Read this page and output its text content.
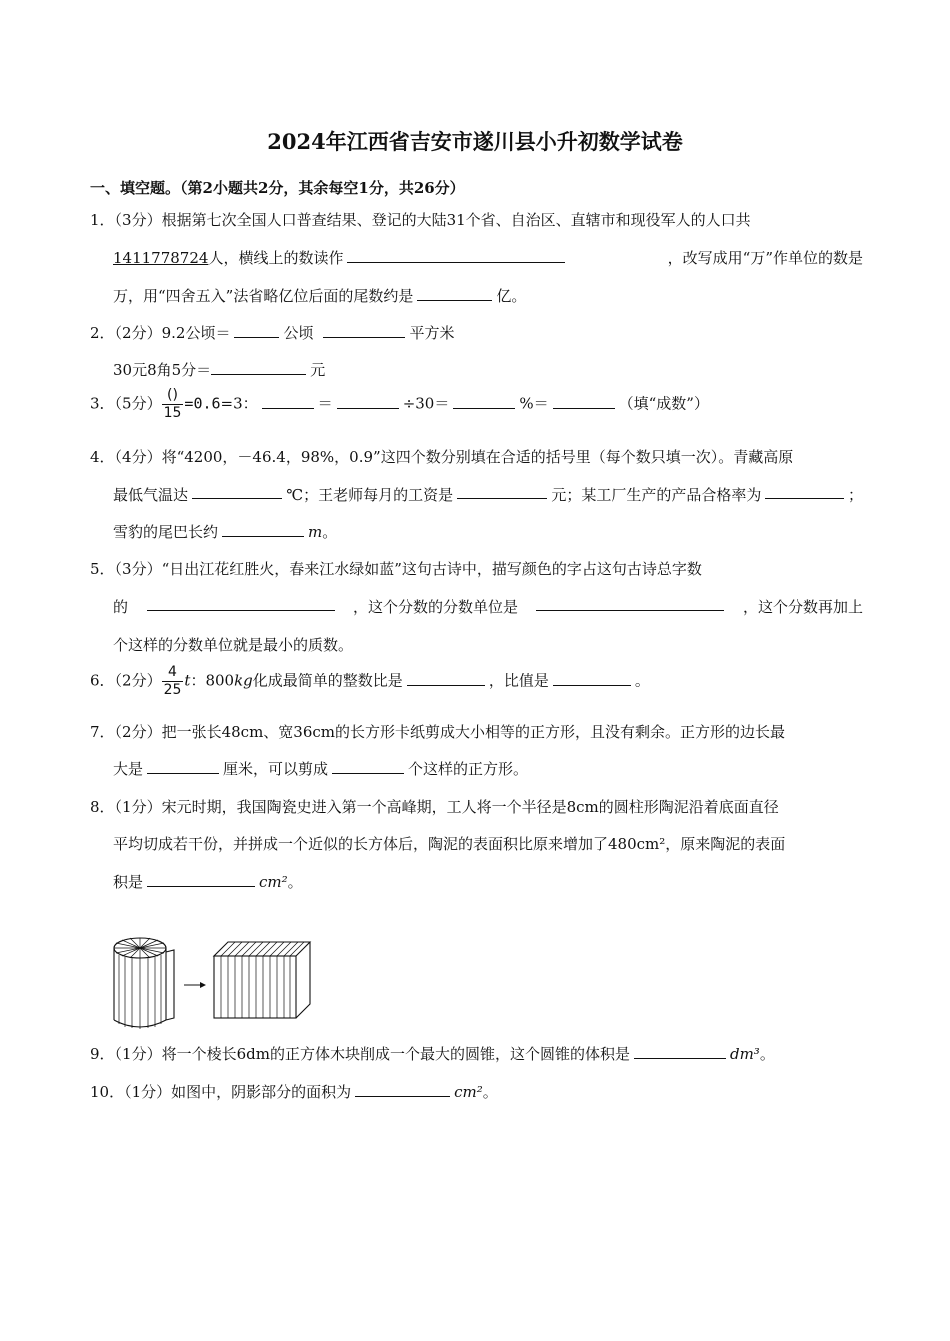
2024年江西省吉安市遂川县小升初数学试卷
一、填空题。（第2小题共2分，其余每空1分，共26分）
1．（3分）根据第七次全国人口普查结果、登记的大陆31个省、自治区、直辖市和现役军人的人口共
1411778724人，横线上的数读作	，改写成用“万”作单位的数是
万，用“四舍五入”法省略亿位后面的尾数约是	亿。
2．（2分）9.2公顷＝	公顷	平方米
30元8角5分＝	元
3．（5分） $\frac{()}{15} =0.6=3$：	＝	÷30＝	%＝	（填“成数”）
4．（4分）将“4200，－46.4，98%，0.9”这四个数分别填在合适的括号里（每个数只填一次）。青藏高原
最低气温达	℃；王老师每月的工资是	元；某工厂生产的产品合格率为	；
雪豹的尾巴长约	m。
5．（3分）“日出江花红胜火，春来江水绿如蓝”这句古诗中，描写颜色的字占这句古诗总字数
的	，这个分数的分数单位是	，这个分数再加上
个这样的分数单位就是最小的质数。
6．（2分） $\frac{4}{25}$ t：800kg化成最简单的整数比是	，比值是	。
7．（2分）把一张长48cm、宽36cm的长方形卡纸剪成大小相等的正方形，且没有剩余。正方形的边长最
大是	厘米，可以剪成	个这样的正方形。
8．（1分）宋元时期，我国陶瓷史进入第一个高峰期，工人将一个半径是8cm的圆柱形陶泥沿着底面直径
平均切成若干份，并拼成一个近似的长方体后，陶泥的表面积比原来增加了480cm²，原来陶泥的表面
积是	cm²。
9．（1分）将一个棱长6dm的正方体木块削成一个最大的圆锥，这个圆锥的体积是	dm³。
10．（1分）如图中，阴影部分的面积为	cm²。
